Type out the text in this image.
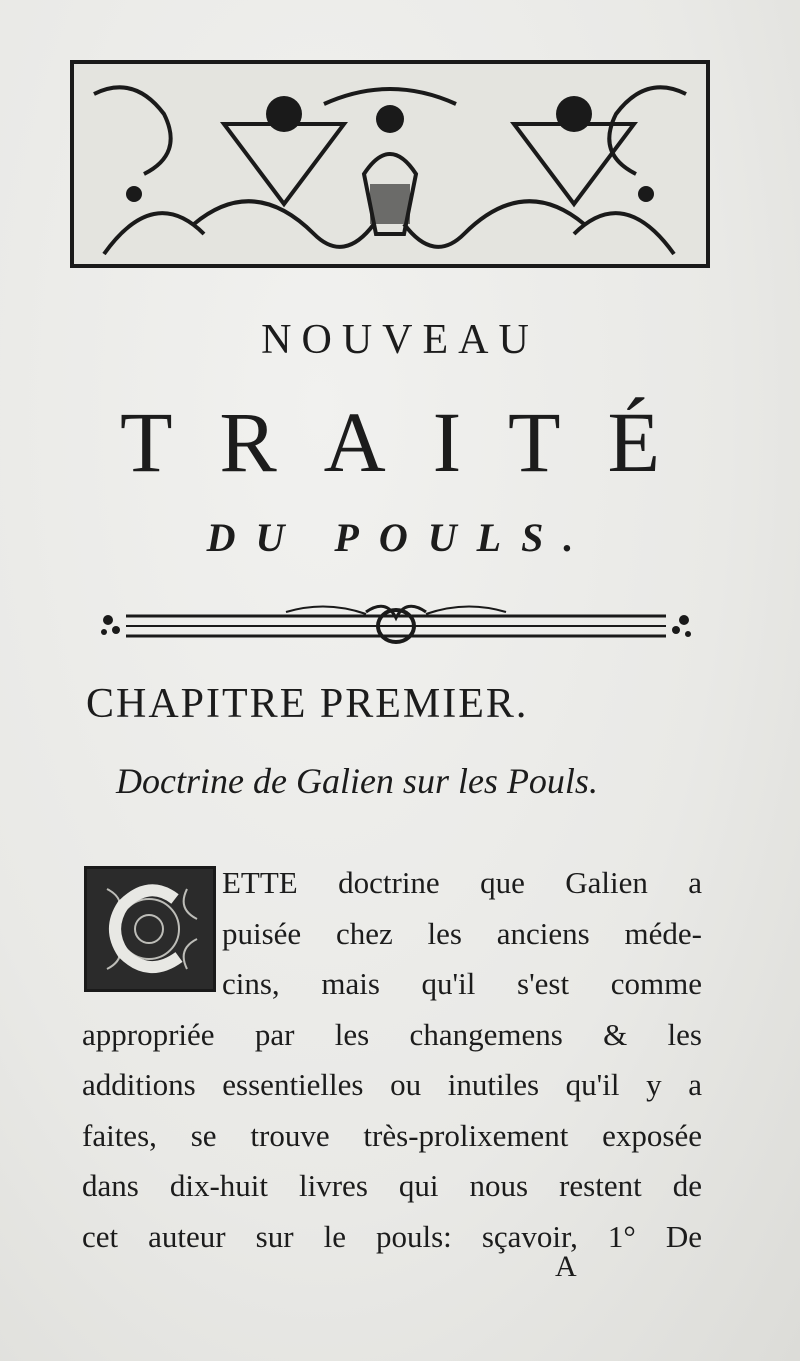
NOUVEAU
T R A I T É
DU POULS.
CHAPITRE PREMIER.
Doctrine de Galien sur les Pouls.
ETTE doctrine que Galien a
puisée chez les anciens méde-
cins, mais qu'il s'est comme
appropriée par les changemens & les
additions essentielles ou inutiles qu'il y a
faites, se trouve très-prolixement exposée
dans dix-huit livres qui nous restent de
cet auteur sur le pouls: sçavoir, 1° De
A
